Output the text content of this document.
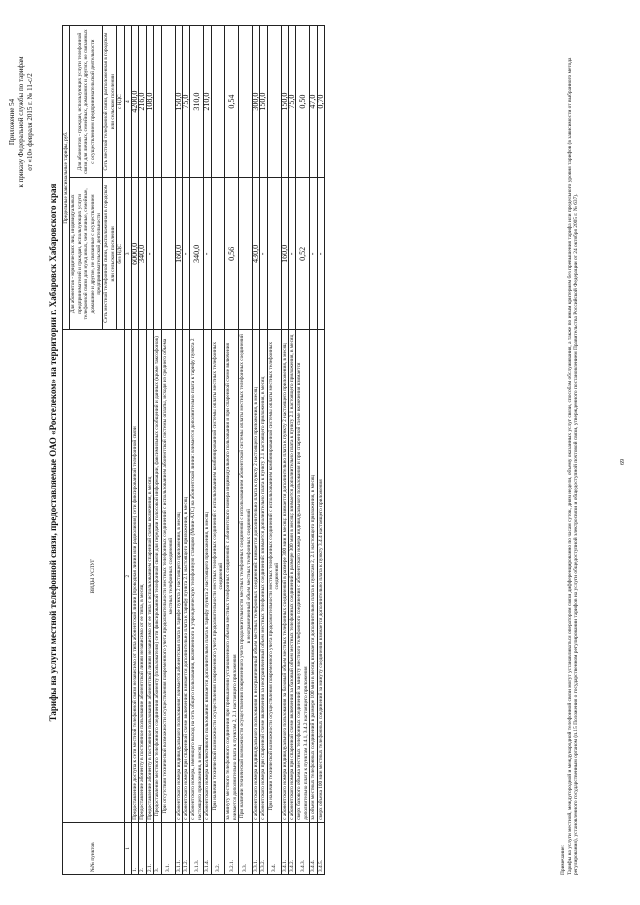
Приложение 54 к приказу Федеральной службы по тарифам от «10» февраля 2015 г. № 11-с/2
Тарифы на услуги местной телефонной связи, предоставляемые ОАО «Ростелеком» на территории г. Хабаровск Хабаровского края
№№ пунктов	ВИДЫ УСЛУГ	Предельные максимальные тарифы, руб.	
		Для абонентов - юридических лиц, индивидуальных предпринимателей и граждан, использующих услуги телефонной связи для нужд иных, чем личные, семейные, домашние и другие, не связанные с осуществлением предпринимательской деятельности	Для абонентов - граждан, использующих услуги телефонной связи для личных, семейных, домашних и других, не связанных с осуществлением предпринимательской деятельности
		Сеть местной телефонной связи, расположенная в городском или сельском поселении	Сеть местной телефонной связи, расположенная в городском или сельском поселении
		без НДС	с НДС
1	2	3	4
1.	Предоставление доступа к сети местной телефонной связи независимо от типа абонентской линии (проводная линия или радиолиния) сети фиксированной телефонной связи	6000,0	4200,0
2.	Предоставление абоненту в постоянное пользование абонентской линии независимо от ее типа, в месяц	340,0	216,0
2.1.	Предоставление абоненту в постоянное пользование абонентской линии независимо от ее типа с использованием спаренной схемы включения, в месяц	-	108,0
3.	Предоставление местного телефонного соединения абоненту (пользователю) сети фиксированной телефонной связи для передачи голосовой информации, факсимильных сообщений и данных (кроме таксофонов)		
3.1.	При отсутствии технической возможности осуществления повременного учета продолжительности местных телефонных соединений с использованием абонентской системы оплаты, исходя из среднего объема местных телефонных соединений		
3.1.1.	с абонентского номера индивидуального пользования: взимается абонентская плата в тарифе пункта 2 настоящего приложения, в месяц	160,0	150,0
3.1.2.	с абонентского номера при спаренной схеме включения: взимается дополнительно плата к тарифу пункта 2.1 настоящего приложения, в месяц	-	75,0
3.1.3.	с абонентского номера, имеющего выход на сеть общего пользования, включенного в учрежденческую телефонную станцию (Мини-АТС) на абонентской линии: взимается дополнительно плата к тарифу пункта 2 настоящего приложения, в месяц	340,0	310,0
3.1.4.	с абонентского номера коллективного пользования: взимается дополнительно плата к тарифу пункта 2 настоящего приложения, в месяц	-	210,0
3.2.	При наличии технической возможности осуществления повременного учета продолжительности местных телефонных соединений с использованием комбинированной системы оплаты местных телефонных соединений		
3.2.1.	за минуту местного телефонного соединения при превышении установленного объема местных телефонных соединений: с абонентского номера индивидуального пользования и при спаренной схеме включения взимается дополнительно плата к пунктам 2, 2.1 настоящего приложения	0,56	0,54
3.3.	При наличии технической возможности осуществления повременного учета продолжительности местных телефонных соединений с использованием абонентской системы оплаты местных телефонных соединений в неограниченный объем местных телефонных соединений		
3.3.1.	с абонентского номера индивидуального пользования в неограниченный объем местных телефонных соединений: взимается дополнительно плата к пункту 2 настоящего приложения, в месяц	430,0	300,0
3.3.2.	с абонентского номера при спаренной схеме включения за неограниченный объем местных телефонных соединений: взимается дополнительно плата к пункту 2.1 настоящего приложения, в месяц	-	150,0
3.4.	При наличии технической возможности осуществления повременного учета продолжительности местных телефонных соединений с использованием комбинированной системы оплаты местных телефонных соединений		
3.4.1.	с абонентского номера индивидуального пользования за базовый объем местных телефонных соединений в размере 300 мин в месяц: взимается дополнительно плата к пункту 2 настоящего приложения, в месяц	160,0	150,0
3.4.2.	с абонентского номера при спаренной схеме включения за базовый объем местных телефонных соединений в размере 300 мин в месяц: взимается дополнительно плата к пункту 2.1 настоящего приложения, в месяц	-	75,0
3.4.3.	сверх базового объема местных телефонных соединений за минуту местного телефонного соединения с абонентского номера индивидуального пользования и при спаренной схеме включения взимается дополнительно плата к пунктам 3.4.1, 3.4.2 настоящего приложения	0,52	0,50
3.4.4.	за объем местных телефонных соединений в размере 100 мин в месяц взимается дополнительно плата к пунктам 2, 2.1 настоящего приложения, в месяц	-	47,0
3.4.5.	сверх объема 100 мин местных телефонных соединений за минуту соединения взимается дополнительно плата к пункту 3.4.4 настоящего приложения	-	0,70
Примечание: Тарифы на услуги местной, междугородной и международной телефонной связи могут устанавливаться оператором связи дифференцированно по часам суток, дням недели, объему оказанных услуг связи, способам обслуживания, а также по иным критериям без превышения тарифа или предельного уровня тарифов (в зависимости от выбранного метода регулирования), установленного государственным органом (п.15 Положения о государственном регулировании тарифов на услуги общедоступной электросвязи и общедоступной почтовой связи, утвержденного постановлением Правительства Российской Федерации от 24 октября 2005 г. № 637).	69
